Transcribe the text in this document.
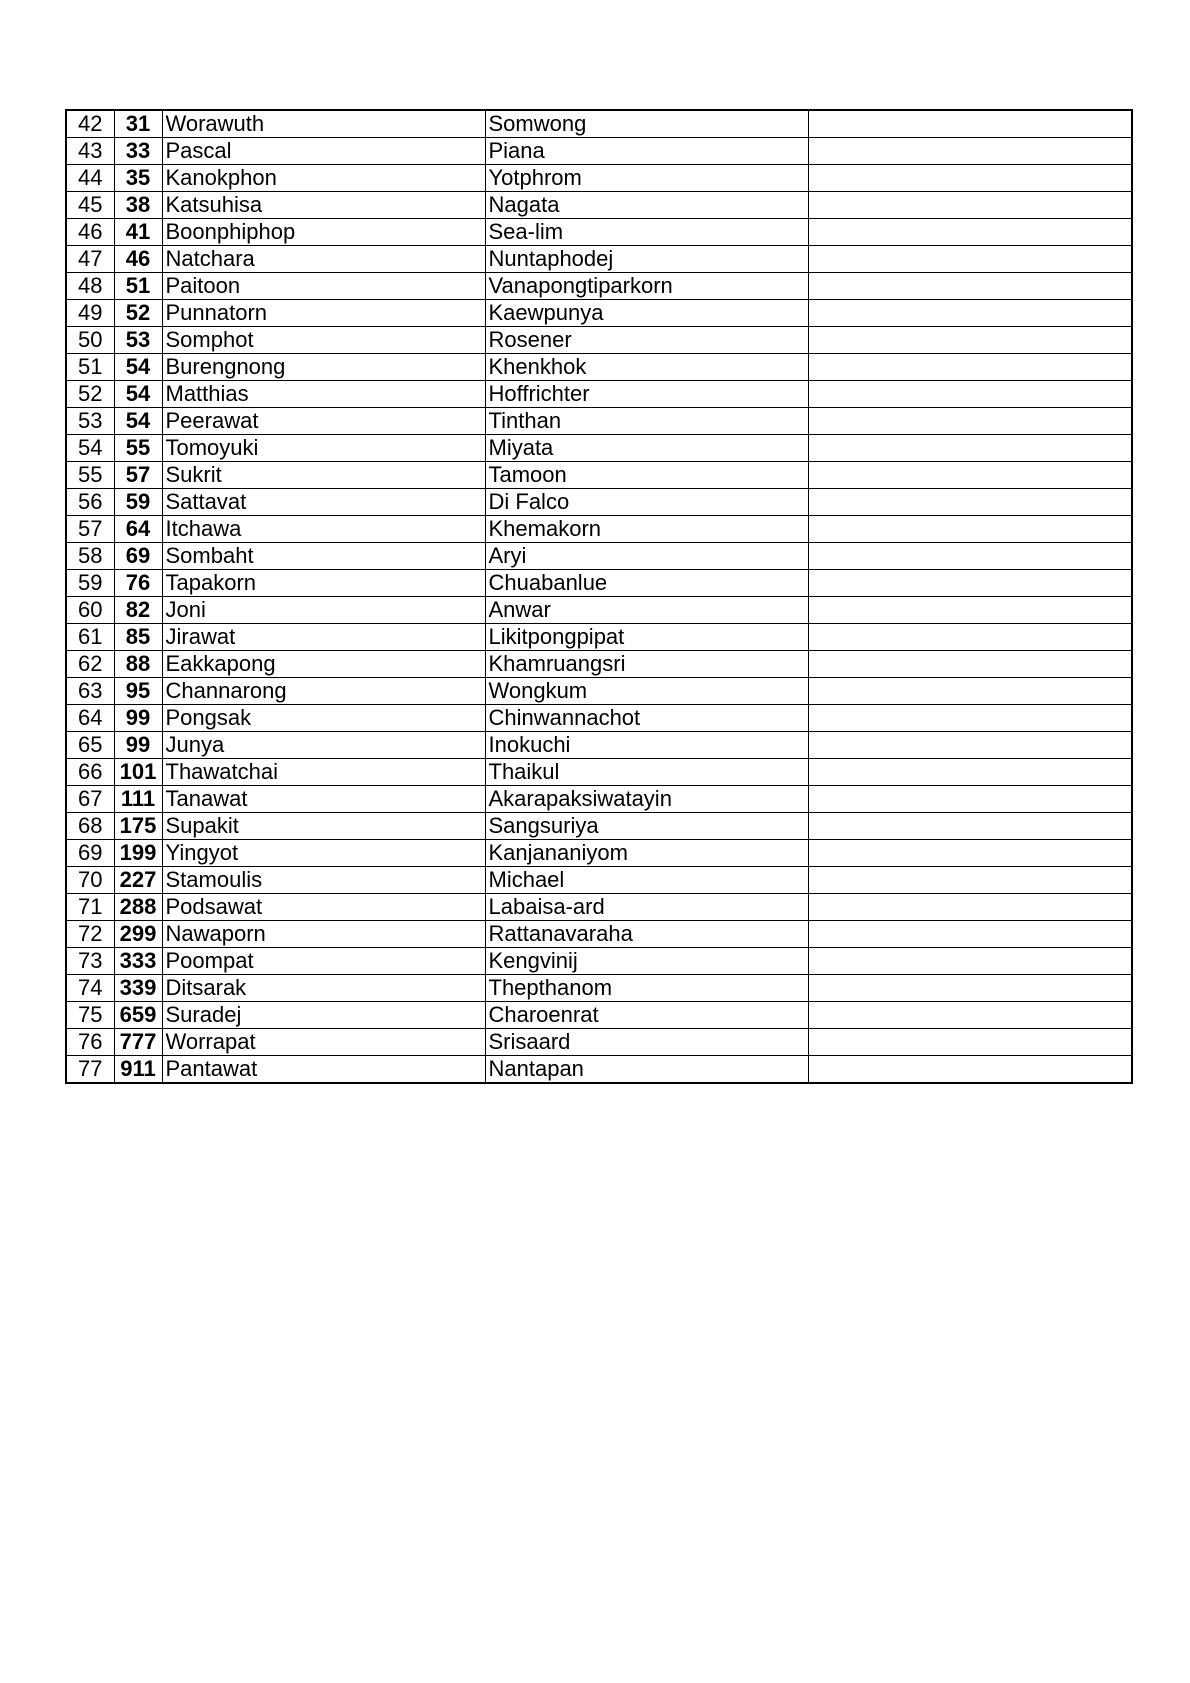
42	31	Worawuth	Somwong	
43	33	Pascal	Piana	
44	35	Kanokphon	Yotphrom	
45	38	Katsuhisa	Nagata	
46	41	Boonphiphop	Sea-lim	
47	46	Natchara	Nuntaphodej	
48	51	Paitoon	Vanapongtiparkorn	
49	52	Punnatorn	Kaewpunya	
50	53	Somphot	Rosener	
51	54	Burengnong	Khenkhok	
52	54	Matthias	Hoffrichter	
53	54	Peerawat	Tinthan	
54	55	Tomoyuki	Miyata	
55	57	Sukrit	Tamoon	
56	59	Sattavat	Di Falco	
57	64	Itchawa	Khemakorn	
58	69	Sombaht	Aryi	
59	76	Tapakorn	Chuabanlue	
60	82	Joni	Anwar	
61	85	Jirawat	Likitpongpipat	
62	88	Eakkapong	Khamruangsri	
63	95	Channarong	Wongkum	
64	99	Pongsak	Chinwannachot	
65	99	Junya	Inokuchi	
66	101	Thawatchai	Thaikul	
67	111	Tanawat	Akarapaksiwatayin	
68	175	Supakit	Sangsuriya	
69	199	Yingyot	Kanjananiyom	
70	227	Stamoulis	Michael	
71	288	Podsawat	Labaisa-ard	
72	299	Nawaporn	Rattanavaraha	
73	333	Poompat	Kengvinij	
74	339	Ditsarak	Thepthanom	
75	659	Suradej	Charoenrat	
76	777	Worrapat	Srisaard	
77	911	Pantawat	Nantapan	
